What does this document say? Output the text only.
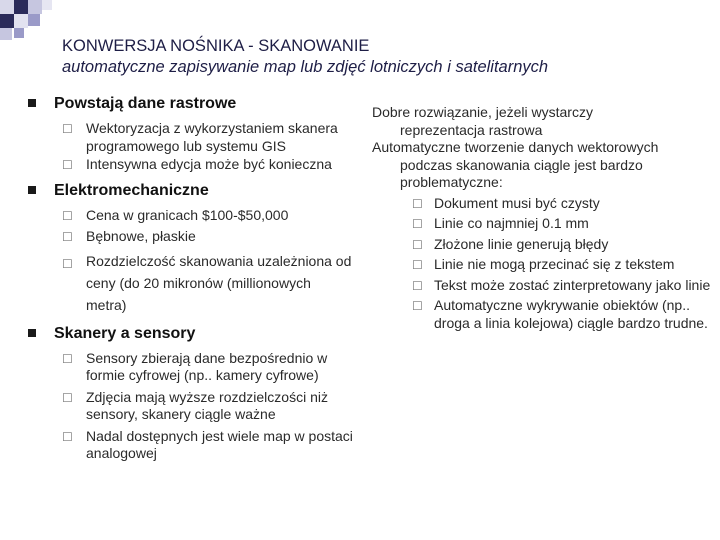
KONWERSJA NOŚNIKA - SKANOWANIE
automatyczne zapisywanie map lub zdjęć lotniczych i satelitarnych

Powstają dane rastrowe

☐ Wektoryzacja z wykorzystaniem skanera programowego lub systemu GIS
☐ Intensywna edycja może być konieczna

Elektromechaniczne

☐ Cena w granicach $100-$50,000
☐ Bębnowe, płaskie
☐ Rozdzielczość skanowania uzależniona od ceny (do 20 mikronów (millionowych metra)

Skanery a sensory

☐ Sensory zbierają dane bezpośrednio w formie cyfrowej (np.. kamery cyfrowe)
☐ Zdjęcia mają wyższe rozdzielczości niż sensory, skanery ciągle ważne
☐ Nadal dostępnych jest wiele map w postaci analogowej
Dobre rozwiązanie, jeżeli wystarczy
reprezentacja rastrowa
Automatyczne tworzenie danych wektorowych
podczas skanowania ciągle jest bardzo problematyczne:
☐ Dokument musi być czysty
☐ Linie co najmniej 0.1 mm
☐ Złożone linie generują błędy
☐ Linie nie mogą przecinać się z tekstem
☐ Tekst może zostać zinterpretowany jako linie
☐ Automatyczne wykrywanie obiektów (np.. droga a linia kolejowa) ciągle bardzo trudne.
